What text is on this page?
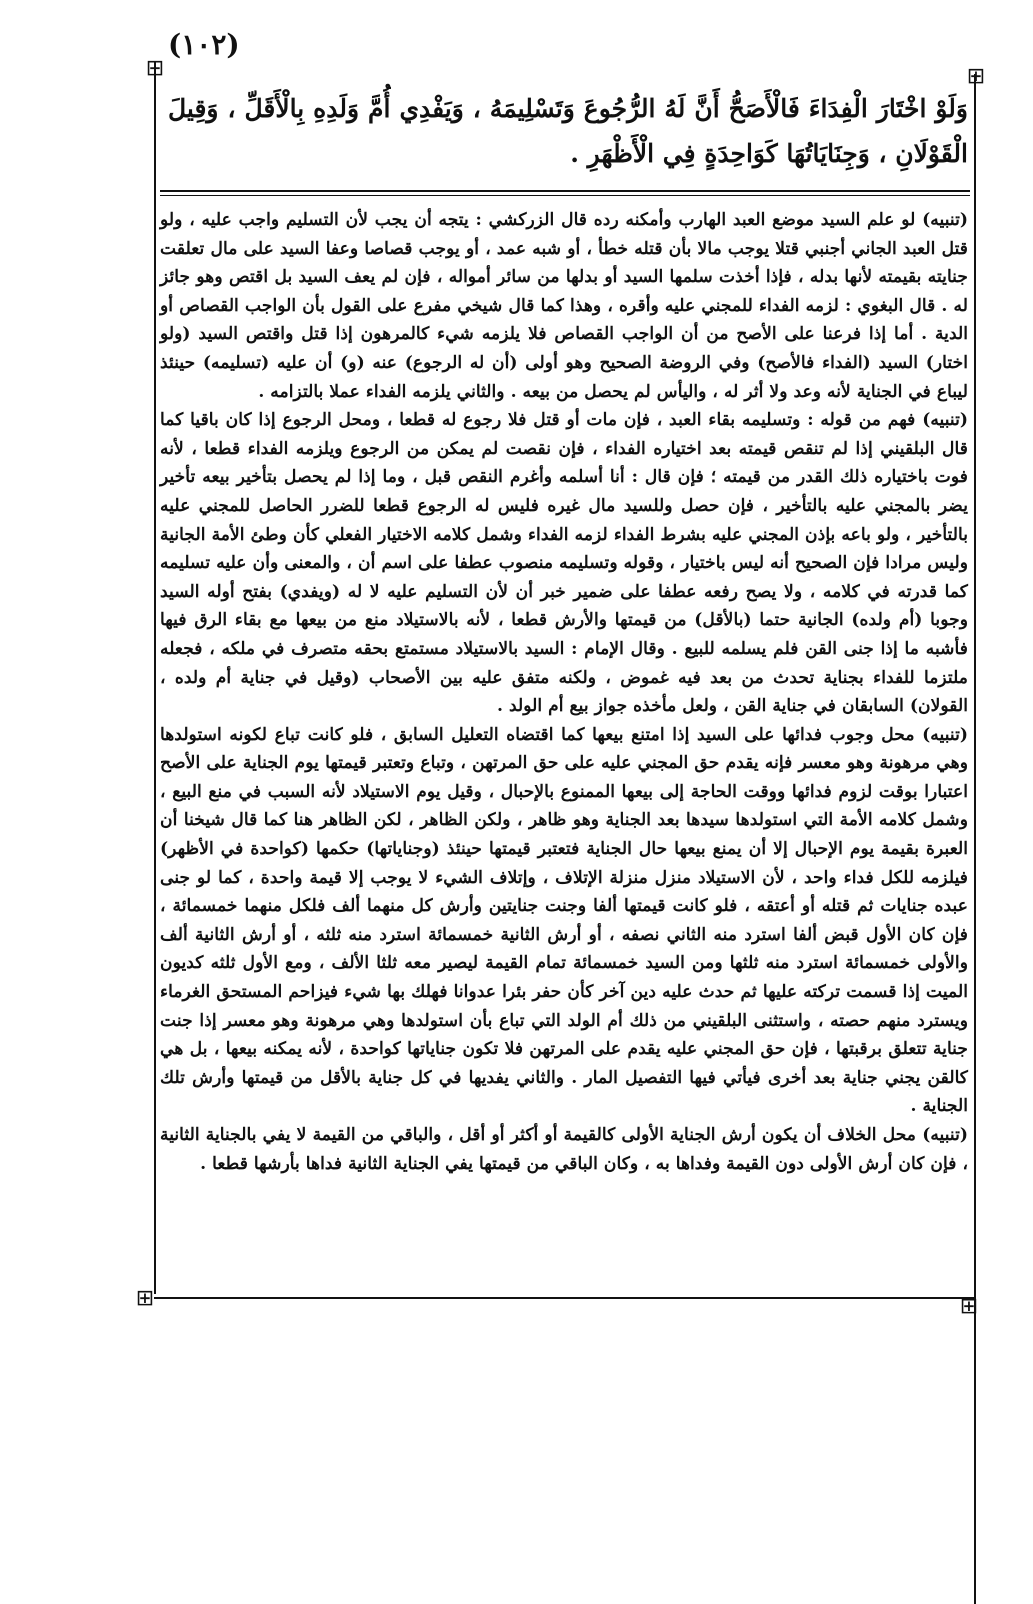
(١٠٢)
⊞	⊞
⊞	⊞

وَلَوْ اخْتَارَ الْفِدَاءَ فَالْأَصَحُّ أَنَّ لَهُ الرُّجُوعَ وَتَسْلِيمَهُ ، وَيَفْدِي أُمَّ وَلَدِهِ بِالْأَقَلِّ ، وَقِيلَ الْقَوْلَانِ ، وَجِنَايَاتُهَا كَوَاحِدَةٍ فِي الْأَظْهَرِ .

(تنبيه) لو علم السيد موضع العبد الهارب وأمكنه رده قال الزركشي : يتجه أن يجب لأن التسليم واجب عليه ، ولو قتل العبد الجاني أجنبي قتلا يوجب مالا بأن قتله خطأ ، أو شبه عمد ، أو يوجب قصاصا وعفا السيد على مال تعلقت جنايته بقيمته لأنها بدله ، فإذا أخذت سلمها السيد أو بدلها من سائر أمواله ، فإن لم يعف السيد بل اقتص وهو جائز له . قال البغوي : لزمه الفداء للمجني عليه وأقره ، وهذا كما قال شيخي مفرع على القول بأن الواجب القصاص أو الدية . أما إذا فرعنا على الأصح من أن الواجب القصاص فلا يلزمه شيء كالمرهون إذا قتل واقتص السيد (ولو اختار) السيد (الفداء فالأصح) وفي الروضة الصحيح وهو أولى (أن له الرجوع) عنه (و) أن عليه (تسليمه) حينئذ ليباع في الجناية لأنه وعد ولا أثر له ، واليأس لم يحصل من بيعه . والثاني يلزمه الفداء عملا بالتزامه .

(تنبيه) فهم من قوله : وتسليمه بقاء العبد ، فإن مات أو قتل فلا رجوع له قطعا ، ومحل الرجوع إذا كان باقيا كما قال البلقيني إذا لم تنقص قيمته بعد اختياره الفداء ، فإن نقصت لم يمكن من الرجوع ويلزمه الفداء قطعا ، لأنه فوت باختياره ذلك القدر من قيمته ؛ فإن قال : أنا أسلمه وأغرم النقص قبل ، وما إذا لم يحصل بتأخير بيعه تأخير يضر بالمجني عليه بالتأخير ، فإن حصل وللسيد مال غيره فليس له الرجوع قطعا للضرر الحاصل للمجني عليه بالتأخير ، ولو باعه بإذن المجني عليه بشرط الفداء لزمه الفداء وشمل كلامه الاختيار الفعلي كأن وطئ الأمة الجانية وليس مرادا فإن الصحيح أنه ليس باختيار ، وقوله وتسليمه منصوب عطفا على اسم أن ، والمعنى وأن عليه تسليمه كما قدرته في كلامه ، ولا يصح رفعه عطفا على ضمير خبر أن لأن التسليم عليه لا له (ويفدي) بفتح أوله السيد وجوبا (أم ولده) الجانية حتما (بالأقل) من قيمتها والأرش قطعا ، لأنه بالاستيلاد منع من بيعها مع بقاء الرق فيها فأشبه ما إذا جنى القن فلم يسلمه للبيع . وقال الإمام : السيد بالاستيلاد مستمتع بحقه متصرف في ملكه ، فجعله ملتزما للفداء بجناية تحدث من بعد فيه غموض ، ولكنه متفق عليه بين الأصحاب (وقيل في جناية أم ولده ، القولان) السابقان في جناية القن ، ولعل مأخذه جواز بيع أم الولد .

(تنبيه) محل وجوب فدائها على السيد إذا امتنع بيعها كما اقتضاه التعليل السابق ، فلو كانت تباع لكونه استولدها وهي مرهونة وهو معسر فإنه يقدم حق المجني عليه على حق المرتهن ، وتباع وتعتبر قيمتها يوم الجناية على الأصح اعتبارا بوقت لزوم فدائها ووقت الحاجة إلى بيعها الممنوع بالإحبال ، وقيل يوم الاستيلاد لأنه السبب في منع البيع ، وشمل كلامه الأمة التي استولدها سيدها بعد الجناية وهو ظاهر ، ولكن الظاهر ، لكن الظاهر هنا كما قال شيخنا أن العبرة بقيمة يوم الإحبال إلا أن يمنع بيعها حال الجناية فتعتبر قيمتها حينئذ (وجناياتها) حكمها (كواحدة في الأظهر) فيلزمه للكل فداء واحد ، لأن الاستيلاد منزل منزلة الإتلاف ، وإتلاف الشيء لا يوجب إلا قيمة واحدة ، كما لو جنى عبده جنايات ثم قتله أو أعتقه ، فلو كانت قيمتها ألفا وجنت جنايتين وأرش كل منهما ألف فلكل منهما خمسمائة ، فإن كان الأول قبض ألفا استرد منه الثاني نصفه ، أو أرش الثانية خمسمائة استرد منه ثلثه ، أو أرش الثانية ألف والأولى خمسمائة استرد منه ثلثها ومن السيد خمسمائة تمام القيمة ليصير معه ثلثا الألف ، ومع الأول ثلثه كديون الميت إذا قسمت تركته عليها ثم حدث عليه دين آخر كأن حفر بئرا عدوانا فهلك بها شيء فيزاحم المستحق الغرماء ويسترد منهم حصته ، واستثنى البلقيني من ذلك أم الولد التي تباع بأن استولدها وهي مرهونة وهو معسر إذا جنت جناية تتعلق برقبتها ، فإن حق المجني عليه يقدم على المرتهن فلا تكون جناياتها كواحدة ، لأنه يمكنه بيعها ، بل هي كالقن يجني جناية بعد أخرى فيأتي فيها التفصيل المار . والثاني يفديها في كل جناية بالأقل من قيمتها وأرش تلك الجناية .

(تنبيه) محل الخلاف أن يكون أرش الجناية الأولى كالقيمة أو أكثر أو أقل ، والباقي من القيمة لا يفي بالجناية الثانية ، فإن كان أرش الأولى دون القيمة وفداها به ، وكان الباقي من قيمتها يفي الجناية الثانية فداها بأرشها قطعا .
